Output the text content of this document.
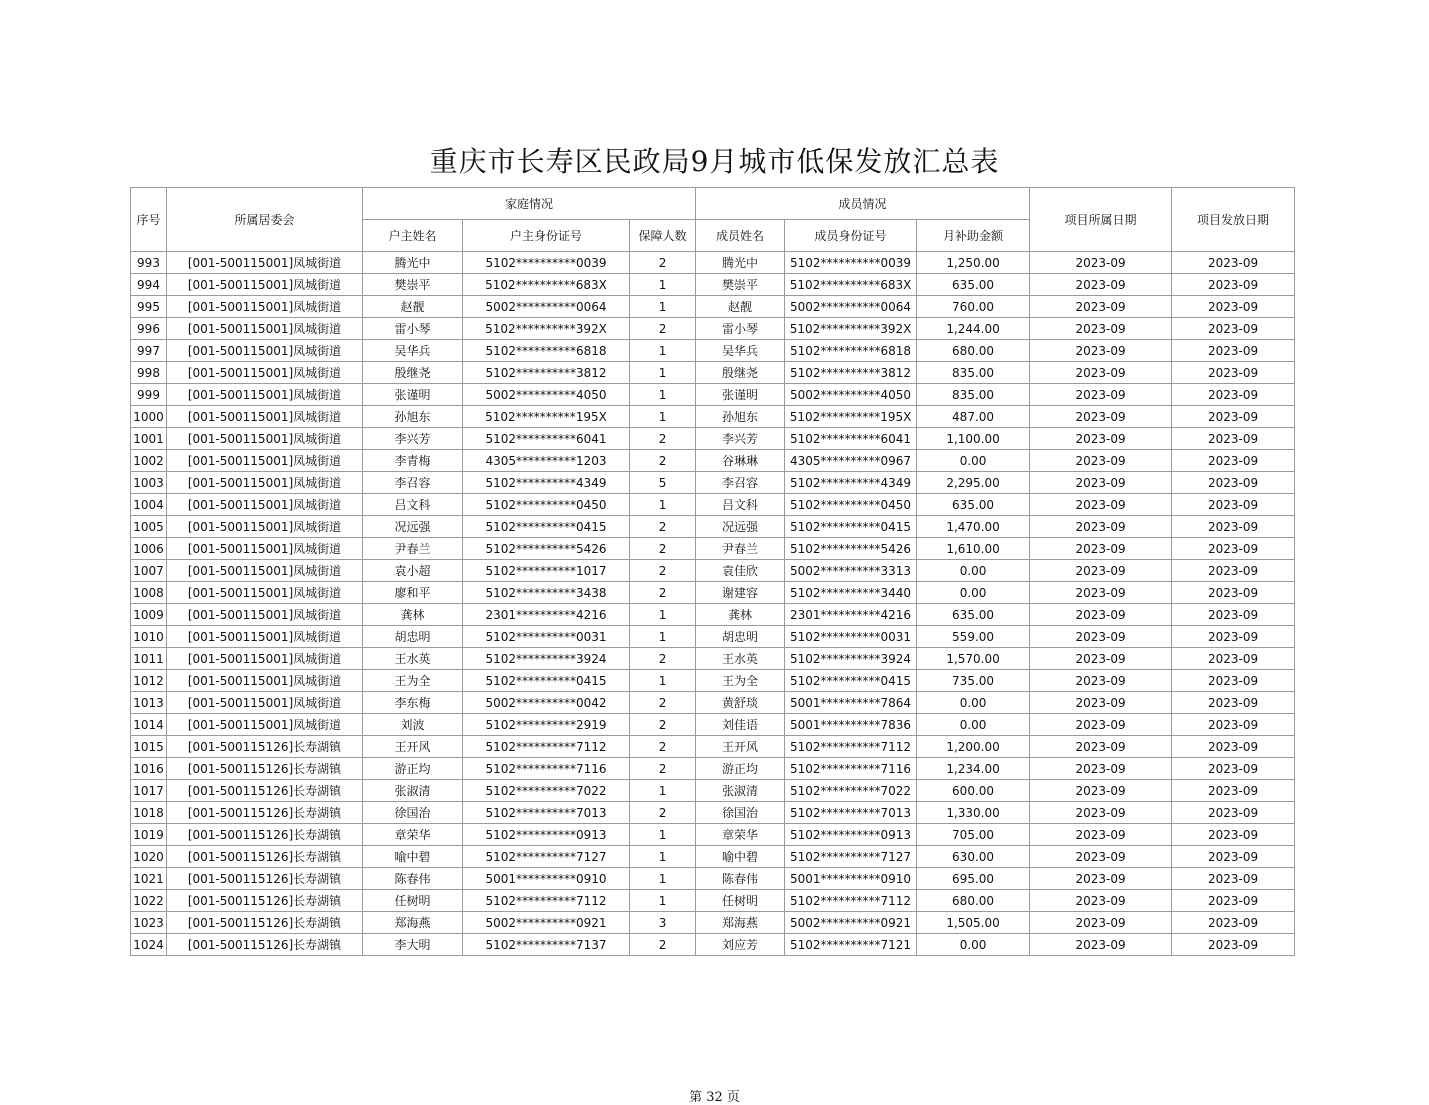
重庆市长寿区民政局9月城市低保发放汇总表
序号	所属居委会	家庭情况			成员情况			项目所属日期	项目发放日期
		户主姓名	户主身份证号	保障人数	成员姓名	成员身份证号	月补助金额		
993	[001-500115001]凤城街道	腾光中	5102**********0039	2	腾光中	5102**********0039	1,250.00	2023-09	2023-09
994	[001-500115001]凤城街道	樊崇平	5102**********683X	1	樊崇平	5102**********683X	635.00	2023-09	2023-09
995	[001-500115001]凤城街道	赵靓	5002**********0064	1	赵靓	5002**********0064	760.00	2023-09	2023-09
996	[001-500115001]凤城街道	雷小琴	5102**********392X	2	雷小琴	5102**********392X	1,244.00	2023-09	2023-09
997	[001-500115001]凤城街道	吴华兵	5102**********6818	1	吴华兵	5102**********6818	680.00	2023-09	2023-09
998	[001-500115001]凤城街道	殷继尧	5102**********3812	1	殷继尧	5102**********3812	835.00	2023-09	2023-09
999	[001-500115001]凤城街道	张谨明	5002**********4050	1	张谨明	5002**********4050	835.00	2023-09	2023-09
1000	[001-500115001]凤城街道	孙旭东	5102**********195X	1	孙旭东	5102**********195X	487.00	2023-09	2023-09
1001	[001-500115001]凤城街道	李兴芳	5102**********6041	2	李兴芳	5102**********6041	1,100.00	2023-09	2023-09
1002	[001-500115001]凤城街道	李青梅	4305**********1203	2	谷琳琳	4305**********0967	0.00	2023-09	2023-09
1003	[001-500115001]凤城街道	李召容	5102**********4349	5	李召容	5102**********4349	2,295.00	2023-09	2023-09
1004	[001-500115001]凤城街道	吕文科	5102**********0450	1	吕文科	5102**********0450	635.00	2023-09	2023-09
1005	[001-500115001]凤城街道	况远强	5102**********0415	2	况远强	5102**********0415	1,470.00	2023-09	2023-09
1006	[001-500115001]凤城街道	尹春兰	5102**********5426	2	尹春兰	5102**********5426	1,610.00	2023-09	2023-09
1007	[001-500115001]凤城街道	袁小超	5102**********1017	2	袁佳欣	5002**********3313	0.00	2023-09	2023-09
1008	[001-500115001]凤城街道	廖和平	5102**********3438	2	谢建容	5102**********3440	0.00	2023-09	2023-09
1009	[001-500115001]凤城街道	龚林	2301**********4216	1	龚林	2301**********4216	635.00	2023-09	2023-09
1010	[001-500115001]凤城街道	胡忠明	5102**********0031	1	胡忠明	5102**********0031	559.00	2023-09	2023-09
1011	[001-500115001]凤城街道	王水英	5102**********3924	2	王水英	5102**********3924	1,570.00	2023-09	2023-09
1012	[001-500115001]凤城街道	王为全	5102**********0415	1	王为全	5102**********0415	735.00	2023-09	2023-09
1013	[001-500115001]凤城街道	李东梅	5002**********0042	2	黄舒琰	5001**********7864	0.00	2023-09	2023-09
1014	[001-500115001]凤城街道	刘波	5102**********2919	2	刘佳语	5001**********7836	0.00	2023-09	2023-09
1015	[001-500115126]长寿湖镇	王开风	5102**********7112	2	王开风	5102**********7112	1,200.00	2023-09	2023-09
1016	[001-500115126]长寿湖镇	游正均	5102**********7116	2	游正均	5102**********7116	1,234.00	2023-09	2023-09
1017	[001-500115126]长寿湖镇	张淑清	5102**********7022	1	张淑清	5102**********7022	600.00	2023-09	2023-09
1018	[001-500115126]长寿湖镇	徐国治	5102**********7013	2	徐国治	5102**********7013	1,330.00	2023-09	2023-09
1019	[001-500115126]长寿湖镇	章荣华	5102**********0913	1	章荣华	5102**********0913	705.00	2023-09	2023-09
1020	[001-500115126]长寿湖镇	喻中碧	5102**********7127	1	喻中碧	5102**********7127	630.00	2023-09	2023-09
1021	[001-500115126]长寿湖镇	陈春伟	5001**********0910	1	陈春伟	5001**********0910	695.00	2023-09	2023-09
1022	[001-500115126]长寿湖镇	任树明	5102**********7112	1	任树明	5102**********7112	680.00	2023-09	2023-09
1023	[001-500115126]长寿湖镇	郑海燕	5002**********0921	3	郑海燕	5002**********0921	1,505.00	2023-09	2023-09
1024	[001-500115126]长寿湖镇	李大明	5102**********7137	2	刘应芳	5102**********7121	0.00	2023-09	2023-09
第 32 页
